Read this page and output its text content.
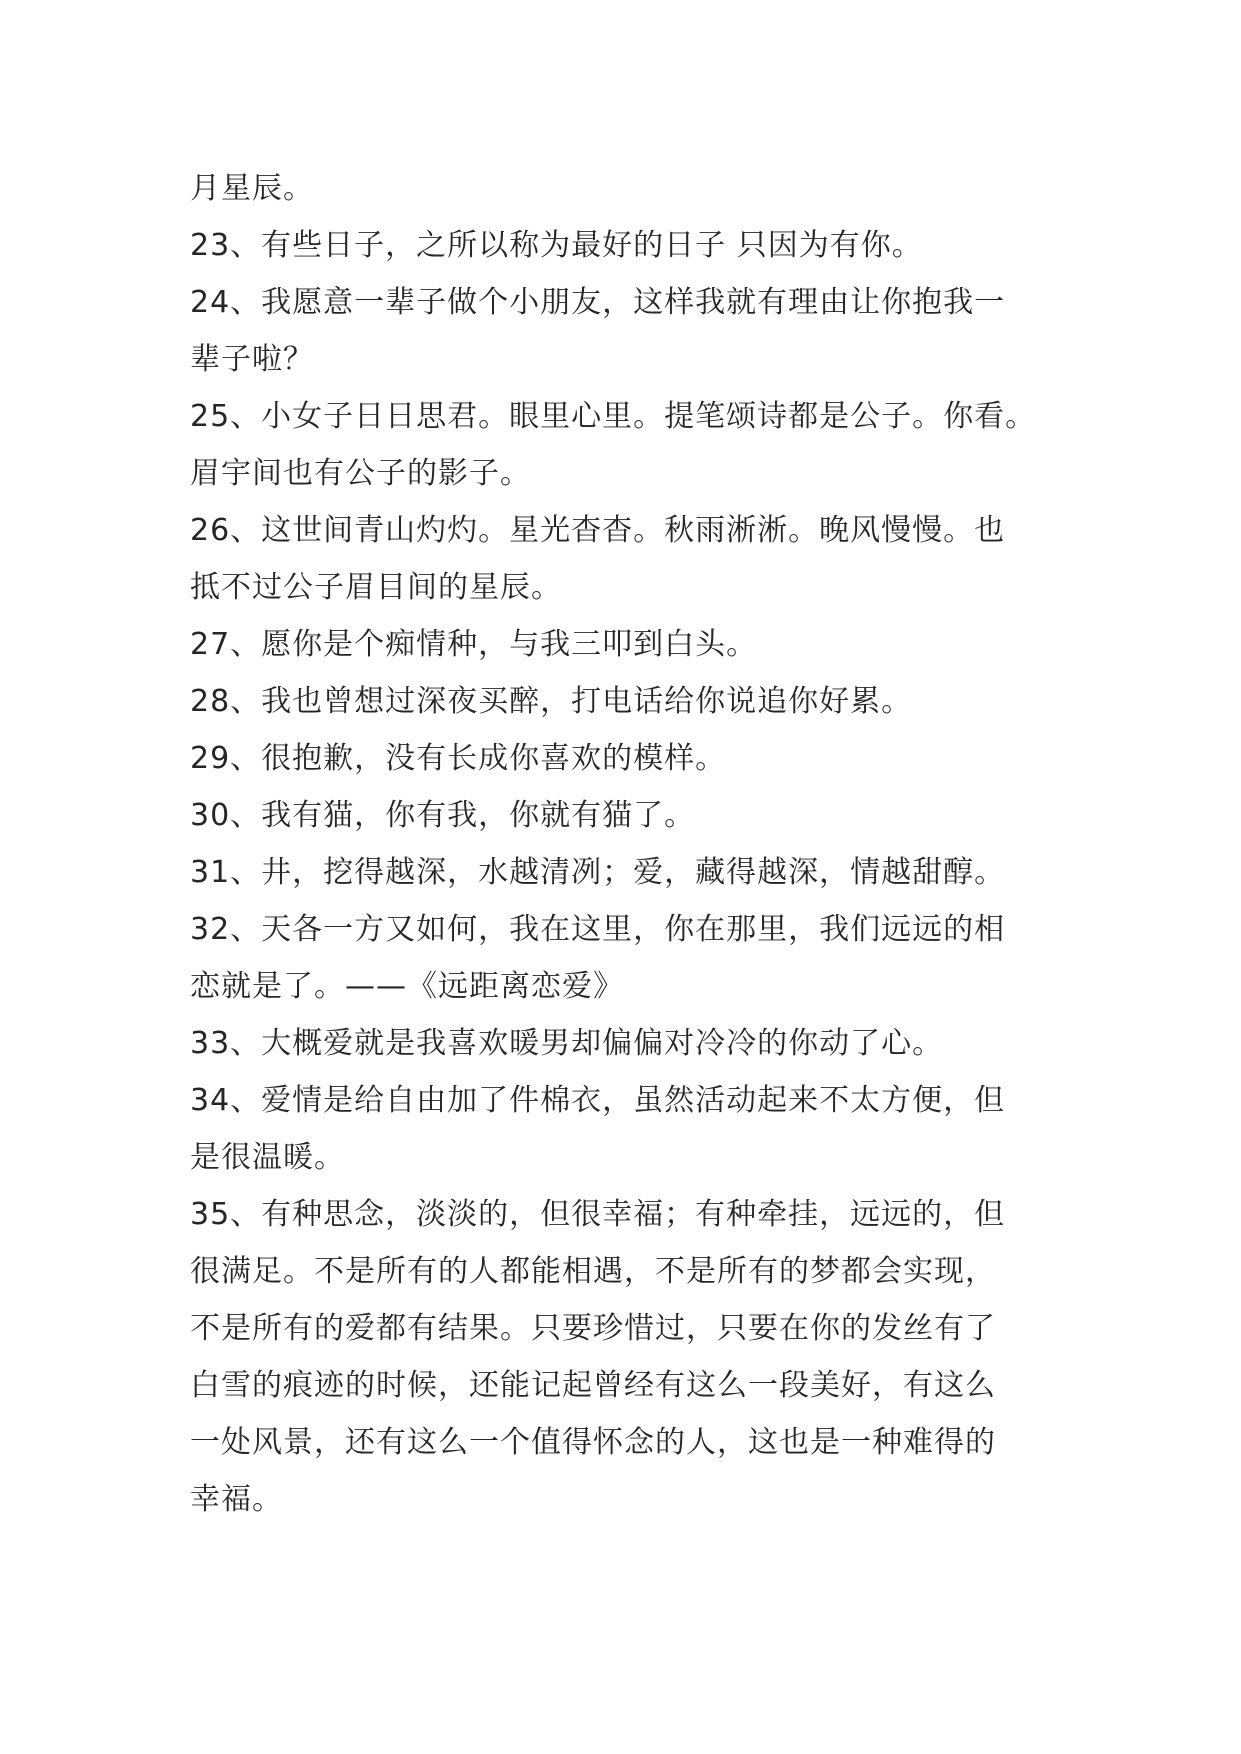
月星辰。
23、有些日子，之所以称为最好的日子 只因为有你。
24、我愿意一辈子做个小朋友，这样我就有理由让你抱我一
辈子啦？
25、小女子日日思君。眼里心里。提笔颂诗都是公子。你看。
眉宇间也有公子的影子。
26、这世间青山灼灼。星光杳杳。秋雨淅淅。晚风慢慢。也
抵不过公子眉目间的星辰。
27、愿你是个痴情种，与我三叩到白头。
28、我也曾想过深夜买醉，打电话给你说追你好累。
29、很抱歉，没有长成你喜欢的模样。
30、我有猫，你有我，你就有猫了。
31、井，挖得越深，水越清冽；爱，藏得越深，情越甜醇。
32、天各一方又如何，我在这里，你在那里，我们远远的相
恋就是了。——《远距离恋爱》
33、大概爱就是我喜欢暖男却偏偏对冷冷的你动了心。
34、爱情是给自由加了件棉衣，虽然活动起来不太方便，但
是很温暖。
35、有种思念，淡淡的，但很幸福；有种牵挂，远远的，但
很满足。不是所有的人都能相遇，不是所有的梦都会实现，
不是所有的爱都有结果。只要珍惜过，只要在你的发丝有了
白雪的痕迹的时候，还能记起曾经有这么一段美好，有这么
一处风景，还有这么一个值得怀念的人，这也是一种难得的
幸福。
